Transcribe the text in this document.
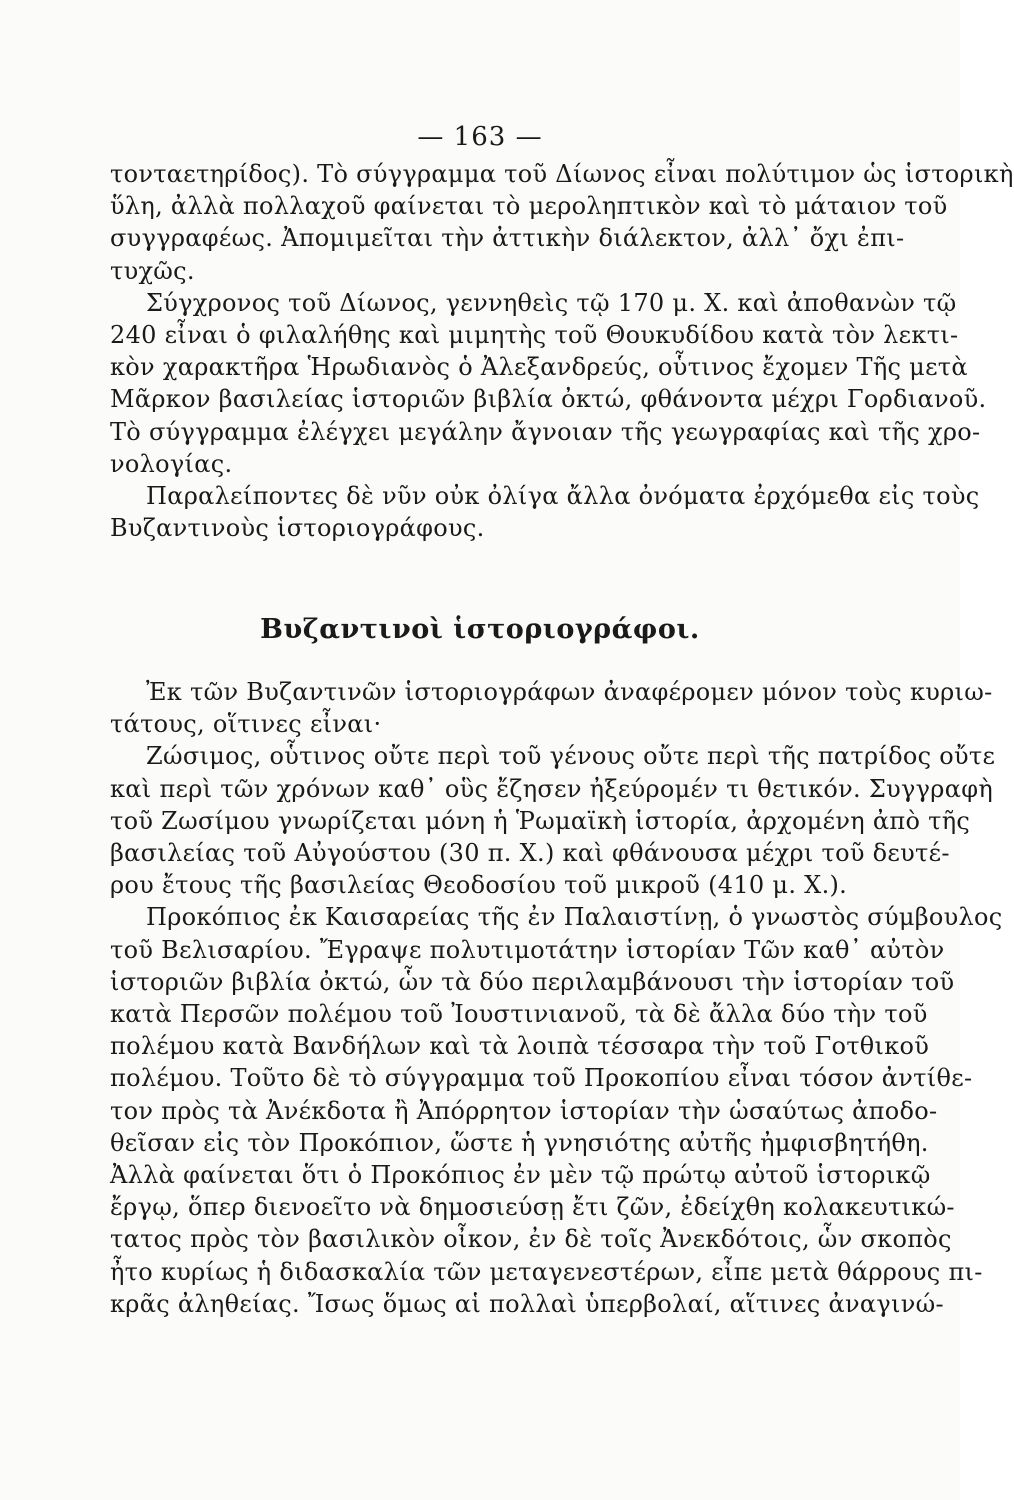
— 163 —
τονταετηρίδος). Τὸ σύγγραμμα τοῦ Δίωνος εἶναι πολύτιμον ὡς ἱστορικὴ
ὕλη, ἀλλὰ πολλαχοῦ φαίνεται τὸ μεροληπτικὸν καὶ τὸ μάταιον τοῦ
συγγραφέως. Ἀπομιμεῖται τὴν ἀττικὴν διάλεκτον, ἀλλ᾽ ὄχι ἐπι-
τυχῶς.
Σύγχρονος τοῦ Δίωνος, γεννηθεὶς τῷ 170 μ. Χ. καὶ ἀποθανὼν τῷ
240 εἶναι ὁ φιλαλήθης καὶ μιμητὴς τοῦ Θουκυδίδου κατὰ τὸν λεκτι-
κὸν χαρακτῆρα Ἡρωδιανὸς ὁ Ἀλεξανδρεύς, οὗτινος ἔχομεν Τῆς μετὰ
Μᾶρκον βασιλείας ἱστοριῶν βιβλία ὀκτώ, φθάνοντα μέχρι Γορδιανοῦ.
Τὸ σύγγραμμα ἐλέγχει μεγάλην ἄγνοιαν τῆς γεωγραφίας καὶ τῆς χρο-
νολογίας.
Παραλείποντες δὲ νῦν οὐκ ὀλίγα ἄλλα ὀνόματα ἐρχόμεθα εἰς τοὺς
Βυζαντινοὺς ἱστοριογράφους.
Βυζαντινοὶ ἱστοριογράφοι.
Ἐκ τῶν Βυζαντινῶν ἱστοριογράφων ἀναφέρομεν μόνον τοὺς κυριω-
τάτους, οἵτινες εἶναι·
Ζώσιμος, οὗτινος οὔτε περὶ τοῦ γένους οὔτε περὶ τῆς πατρίδος οὔτε
καὶ περὶ τῶν χρόνων καθ᾽ οὓς ἔζησεν ἠξεύρομέν τι θετικόν. Συγγραφὴ
τοῦ Ζωσίμου γνωρίζεται μόνη ἡ Ῥωμαϊκὴ ἱστορία, ἀρχομένη ἀπὸ τῆς
βασιλείας τοῦ Αὐγούστου (30 π. Χ.) καὶ φθάνουσα μέχρι τοῦ δευτέ-
ρου ἔτους τῆς βασιλείας Θεοδοσίου τοῦ μικροῦ (410 μ. Χ.).
Προκόπιος ἐκ Καισαρείας τῆς ἐν Παλαιστίνῃ, ὁ γνωστὸς σύμβουλος
τοῦ Βελισαρίου. Ἔγραψε πολυτιμοτάτην ἱστορίαν Τῶν καθ᾽ αὐτὸν
ἱστοριῶν βιβλία ὀκτώ, ὧν τὰ δύο περιλαμβάνουσι τὴν ἱστορίαν τοῦ
κατὰ Περσῶν πολέμου τοῦ Ἰουστινιανοῦ, τὰ δὲ ἄλλα δύο τὴν τοῦ
πολέμου κατὰ Βανδήλων καὶ τὰ λοιπὰ τέσσαρα τὴν τοῦ Γοτθικοῦ
πολέμου. Τοῦτο δὲ τὸ σύγγραμμα τοῦ Προκοπίου εἶναι τόσον ἀντίθε-
τον πρὸς τὰ Ἀνέκδοτα ἢ Ἀπόρρητον ἱστορίαν τὴν ὡσαύτως ἀποδο-
θεῖσαν εἰς τὸν Προκόπιον, ὥστε ἡ γνησιότης αὐτῆς ἠμφισβητήθη.
Ἀλλὰ φαίνεται ὅτι ὁ Προκόπιος ἐν μὲν τῷ πρώτῳ αὐτοῦ ἱστορικῷ
ἔργῳ, ὅπερ διενοεῖτο νὰ δημοσιεύσῃ ἔτι ζῶν, ἐδείχθη κολακευτικώ-
τατος πρὸς τὸν βασιλικὸν οἶκον, ἐν δὲ τοῖς Ἀνεκδότοις, ὧν σκοπὸς
ἦτο κυρίως ἡ διδασκαλία τῶν μεταγενεστέρων, εἶπε μετὰ θάρρους πι-
κρᾶς ἀληθείας. Ἴσως ὅμως αἱ πολλαὶ ὑπερβολαί, αἵτινες ἀναγινώ-
